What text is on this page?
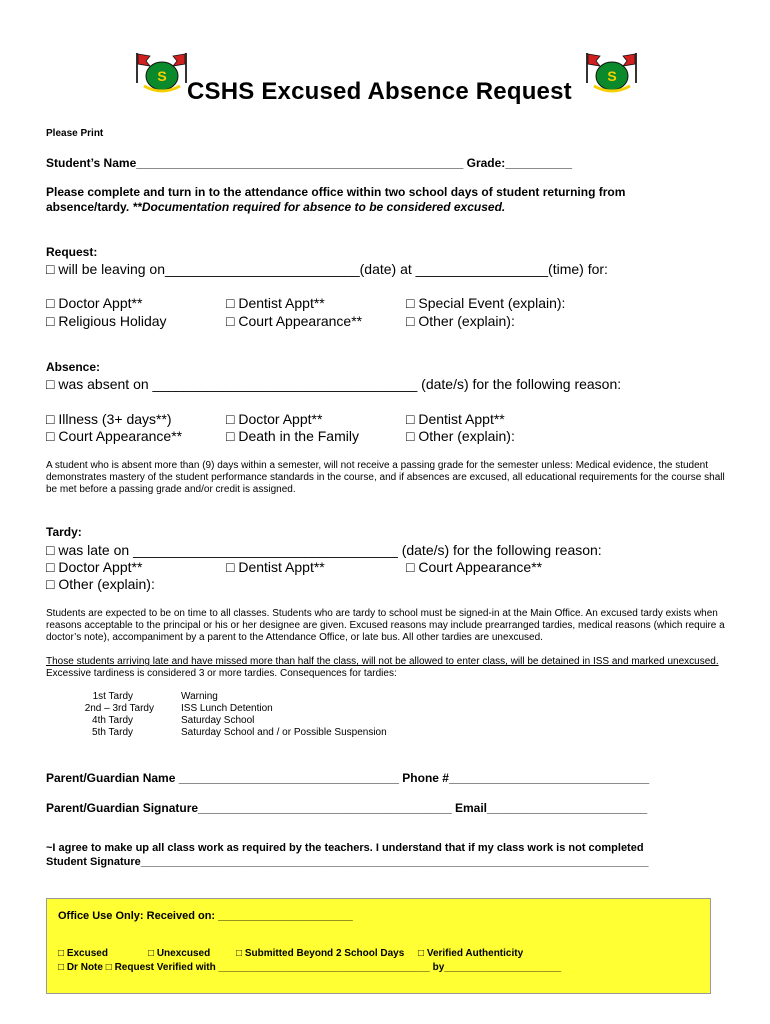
S	S
CSHS Excused Absence Request
Please Print
Student’s Name_________________________________________________ Grade:__________
Please complete and turn in to the attendance office within two school days of student returning from
absence/tardy. **Documentation required for absence to be considered excused.
Request:
□ will be leaving on_________________________(date) at _________________(time) for:
□ Doctor Appt**	□ Dentist Appt**	□ Special Event (explain):
□ Religious Holiday	□ Court Appearance**	□ Other (explain):
Absence:
□ was absent on __________________________________ (date/s) for the following reason:
□ Illness (3+ days**)	□ Doctor Appt**	□ Dentist Appt**
□ Court Appearance**	□ Death in the Family	□ Other (explain):
A student who is absent more than (9) days within a semester, will not receive a passing grade for the semester unless: Medical evidence, the student demonstrates mastery of the student performance standards in the course, and if absences are excused, all educational requirements for the course shall be met before a passing grade and/or credit is assigned.
Tardy:
□ was late on __________________________________ (date/s) for the following reason:
□ Doctor Appt**	□ Dentist Appt**	□ Court Appearance**
□ Other (explain):
Students are expected to be on time to all classes. Students who are tardy to school must be signed-in at the Main Office. An excused tardy exists when reasons acceptable to the principal or his or her designee are given. Excused reasons may include prearranged tardies, medical reasons (which require a doctor’s note), accompaniment by a parent to the Attendance Office, or late bus. All other tardies are unexcused.
Those students arriving late and have missed more than half the class, will not be allowed to enter class, will be detained in ISS and marked unexcused.
Excessive tardiness is considered 3 or more tardies. Consequences for tardies:
1st Tardy	Warning
2nd – 3rd Tardy	ISS Lunch Detention
4th Tardy	Saturday School
5th Tardy	Saturday School and / or Possible Suspension
Parent/Guardian Name _________________________________ Phone #______________________________
Parent/Guardian Signature______________________________________ Email________________________
~I agree to make up all class work as required by the teachers. I understand that if my class work is not completed
Student Signature___________________________________________________________________________________
Office Use Only: Received on: ______________________
□ Excused	□ Unexcused	□ Submitted Beyond 2 School Days □ Verified Authenticity
□ Dr Note □ Request Verified with ______________________________________ by_____________________
